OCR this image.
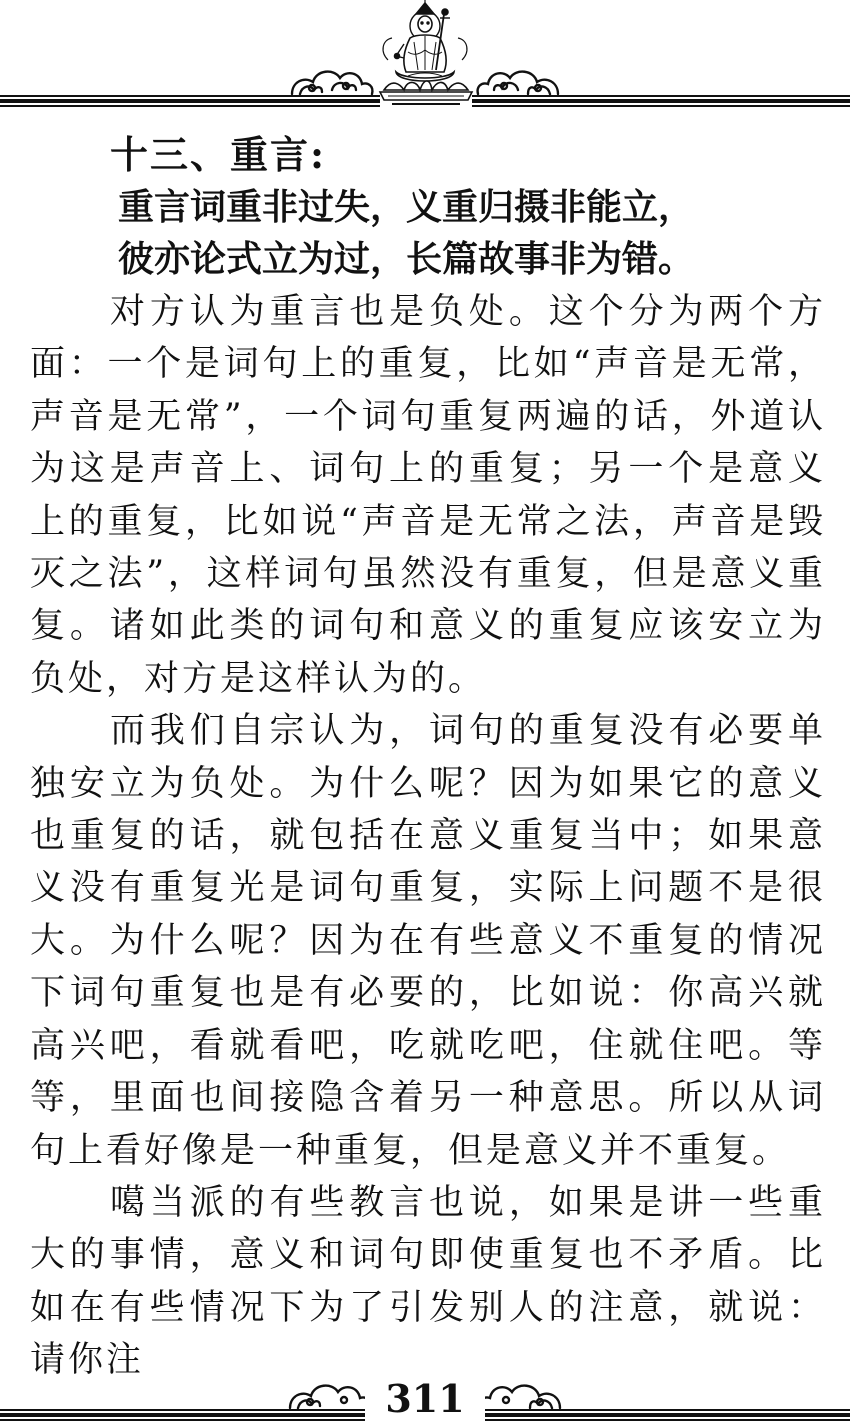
十三、重言:

重言词重非过失，义重归摄非能立，

彼亦论式立为过，长篇故事非为错。

对方认为重言也是负处。这个分为两个方面：一个是词句上的重复，比如“声音是无常，声音是无常”，一个词句重复两遍的话，外道认为这是声音上、词句上的重复；另一个是意义上的重复，比如说“声音是无常之法，声音是毁灭之法”，这样词句虽然没有重复，但是意义重复。诸如此类的词句和意义的重复应该安立为负处，对方是这样认为的。

而我们自宗认为，词句的重复没有必要单独安立为负处。为什么呢？因为如果它的意义也重复的话，就包括在意义重复当中；如果意义没有重复光是词句重复，实际上问题不是很大。为什么呢？因为在有些意义不重复的情况下词句重复也是有必要的，比如说：你高兴就高兴吧，看就看吧，吃就吃吧，住就住吧。等等，里面也间接隐含着另一种意思。所以从词句上看好像是一种重复，但是意义并不重复。

噶当派的有些教言也说，如果是讲一些重大的事情，意义和词句即使重复也不矛盾。比如在有些情况下为了引发别人的注意，就说：请你注

311
